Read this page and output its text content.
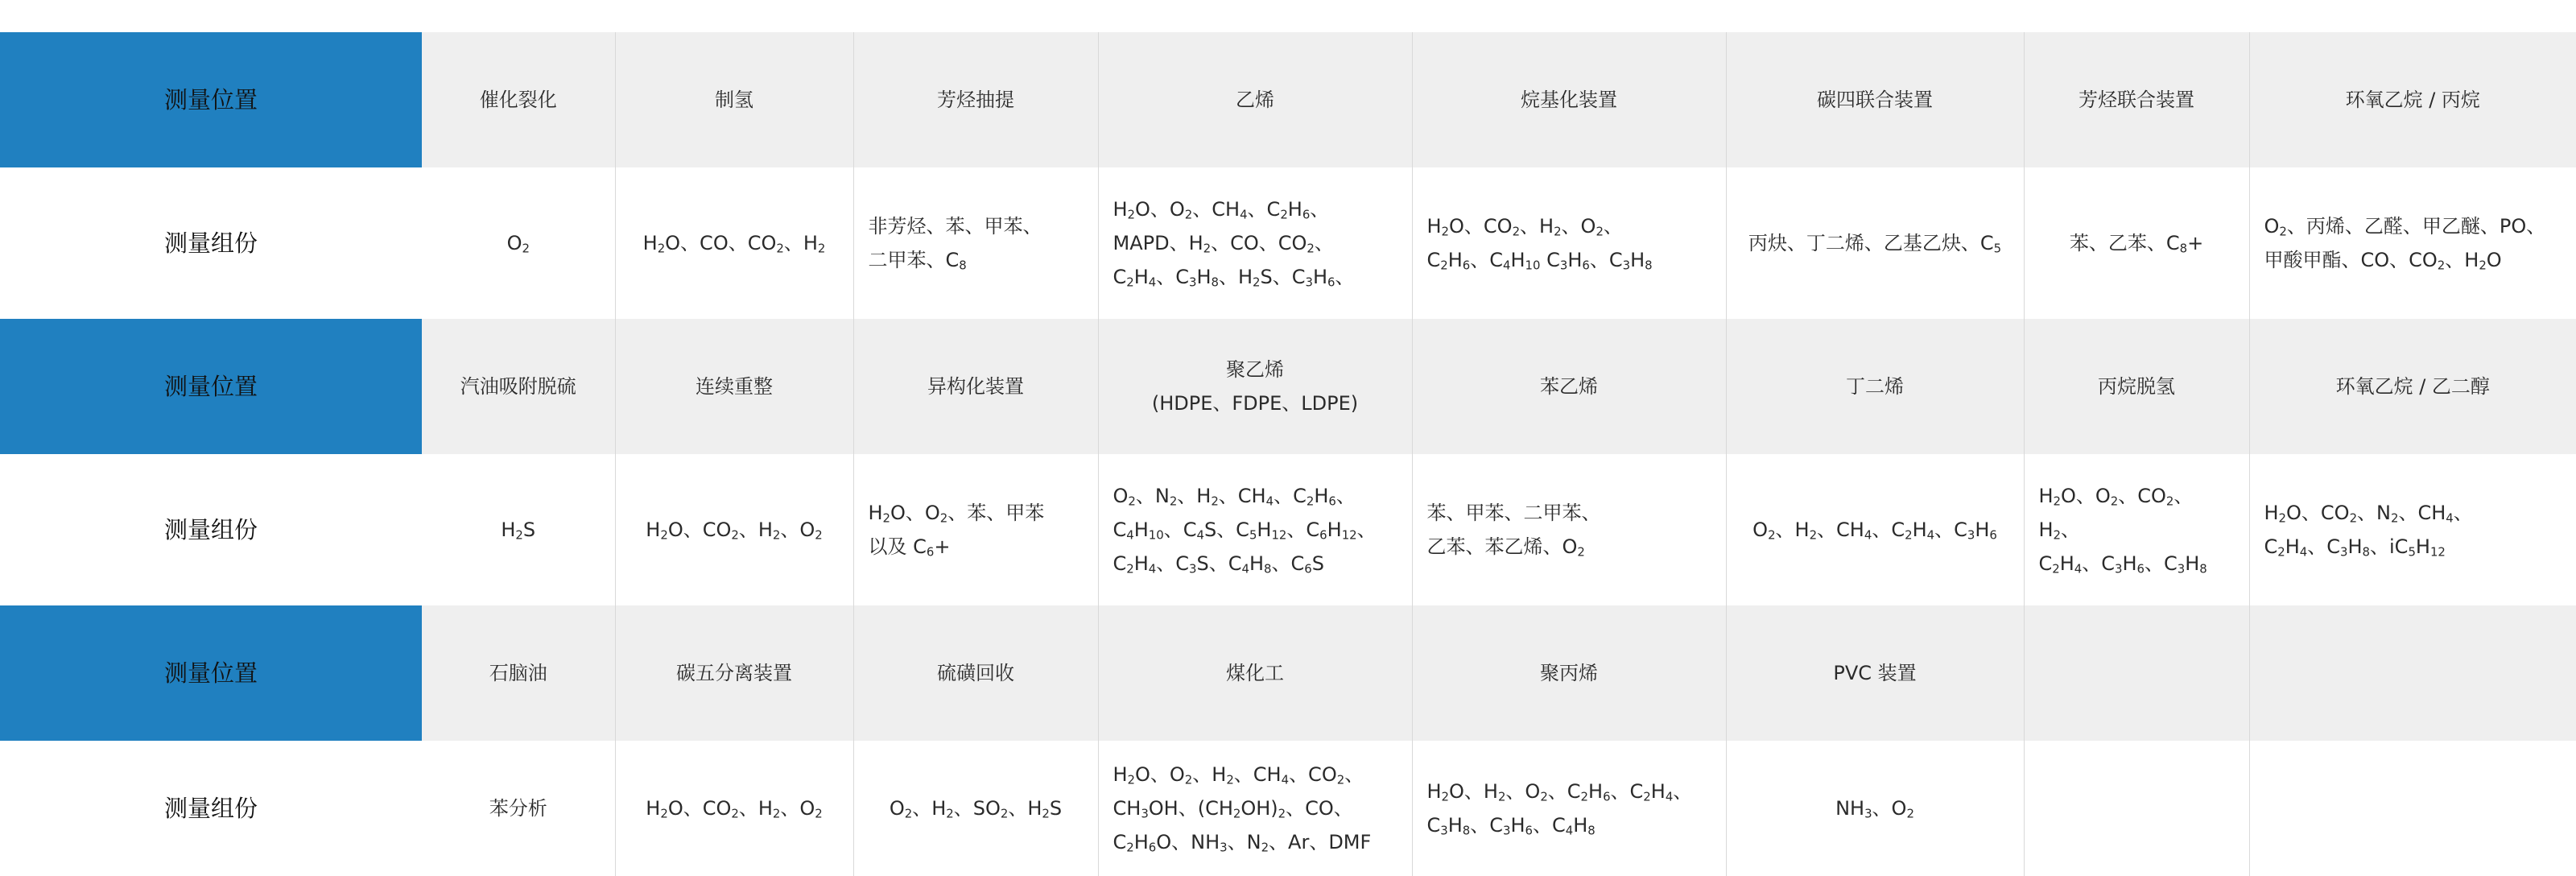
测量位置	催化裂化	制氢	芳烃抽提	乙烯	烷基化装置	碳四联合装置	芳烃联合装置	环氧乙烷 / 丙烷
测量组份	$O_2$	$H_2O$、CO、$CO_2$、$H_2$	非芳烃、苯、甲苯、
二甲苯、$C_8$	$H_2O$、$O_2$、$CH_4$、$C_2H_6$、
MAPD、$H_2$、CO、$CO_2$、
$C_2H_4$、$C_3H_8$、$H_2S$、$C_3H_6$、	$H_2O$、$CO_2$、$H_2$、$O_2$、
$C_2H_6$、$C_4H_{10}$ $C_3H_6$、$C_3H_8$	丙炔、丁二烯、乙基乙炔、$C_5$	苯、乙苯、$C_8+$	$O_2$、丙烯、乙醛、甲乙醚、PO、
甲酸甲酯、CO、$CO_2$、$H_2O$
测量位置	汽油吸附脱硫	连续重整	异构化装置	聚乙烯
(HDPE、FDPE、LDPE)	苯乙烯	丁二烯	丙烷脱氢	环氧乙烷 / 乙二醇
测量组份	$H_2S$	$H_2O$、$CO_2$、$H_2$、$O_2$	$H_2O$、$O_2$、苯、甲苯
以及 $C_6+$	$O_2$、$N_2$、$H_2$、$CH_4$、$C_2H_6$、
$C_4H_{10}$、$C_4S$、$C_5H_{12}$、$C_6H_{12}$、
$C_2H_4$、$C_3S$、$C_4H_8$、$C_6S$	苯、甲苯、二甲苯、
乙苯、苯乙烯、$O_2$	$O_2$、$H_2$、$CH_4$、$C_2H_4$、$C_3H_6$	$H_2O$、$O_2$、$CO_2$、$H_2$、
$C_2H_4$、$C_3H_6$、$C_3H_8$	$H_2O$、$CO_2$、$N_2$、$CH_4$、
$C_2H_4$、$C_3H_8$、$iC_5H_{12}$
测量位置	石脑油	碳五分离装置	硫磺回收	煤化工	聚丙烯	PVC 装置		
测量组份	苯分析	$H_2O$、$CO_2$、$H_2$、$O_2$	$O_2$、$H_2$、$SO_2$、$H_2S$	$H_2O$、$O_2$、$H_2$、$CH_4$、$CO_2$、
$CH_3OH$、$(CH_2OH)_2$、CO、
$C_2H_6O$、$NH_3$、$N_2$、Ar、DMF	$H_2O$、$H_2$、$O_2$、$C_2H_6$、$C_2H_4$、
$C_3H_8$、$C_3H_6$、$C_4H_8$	$NH_3$、$O_2$		
